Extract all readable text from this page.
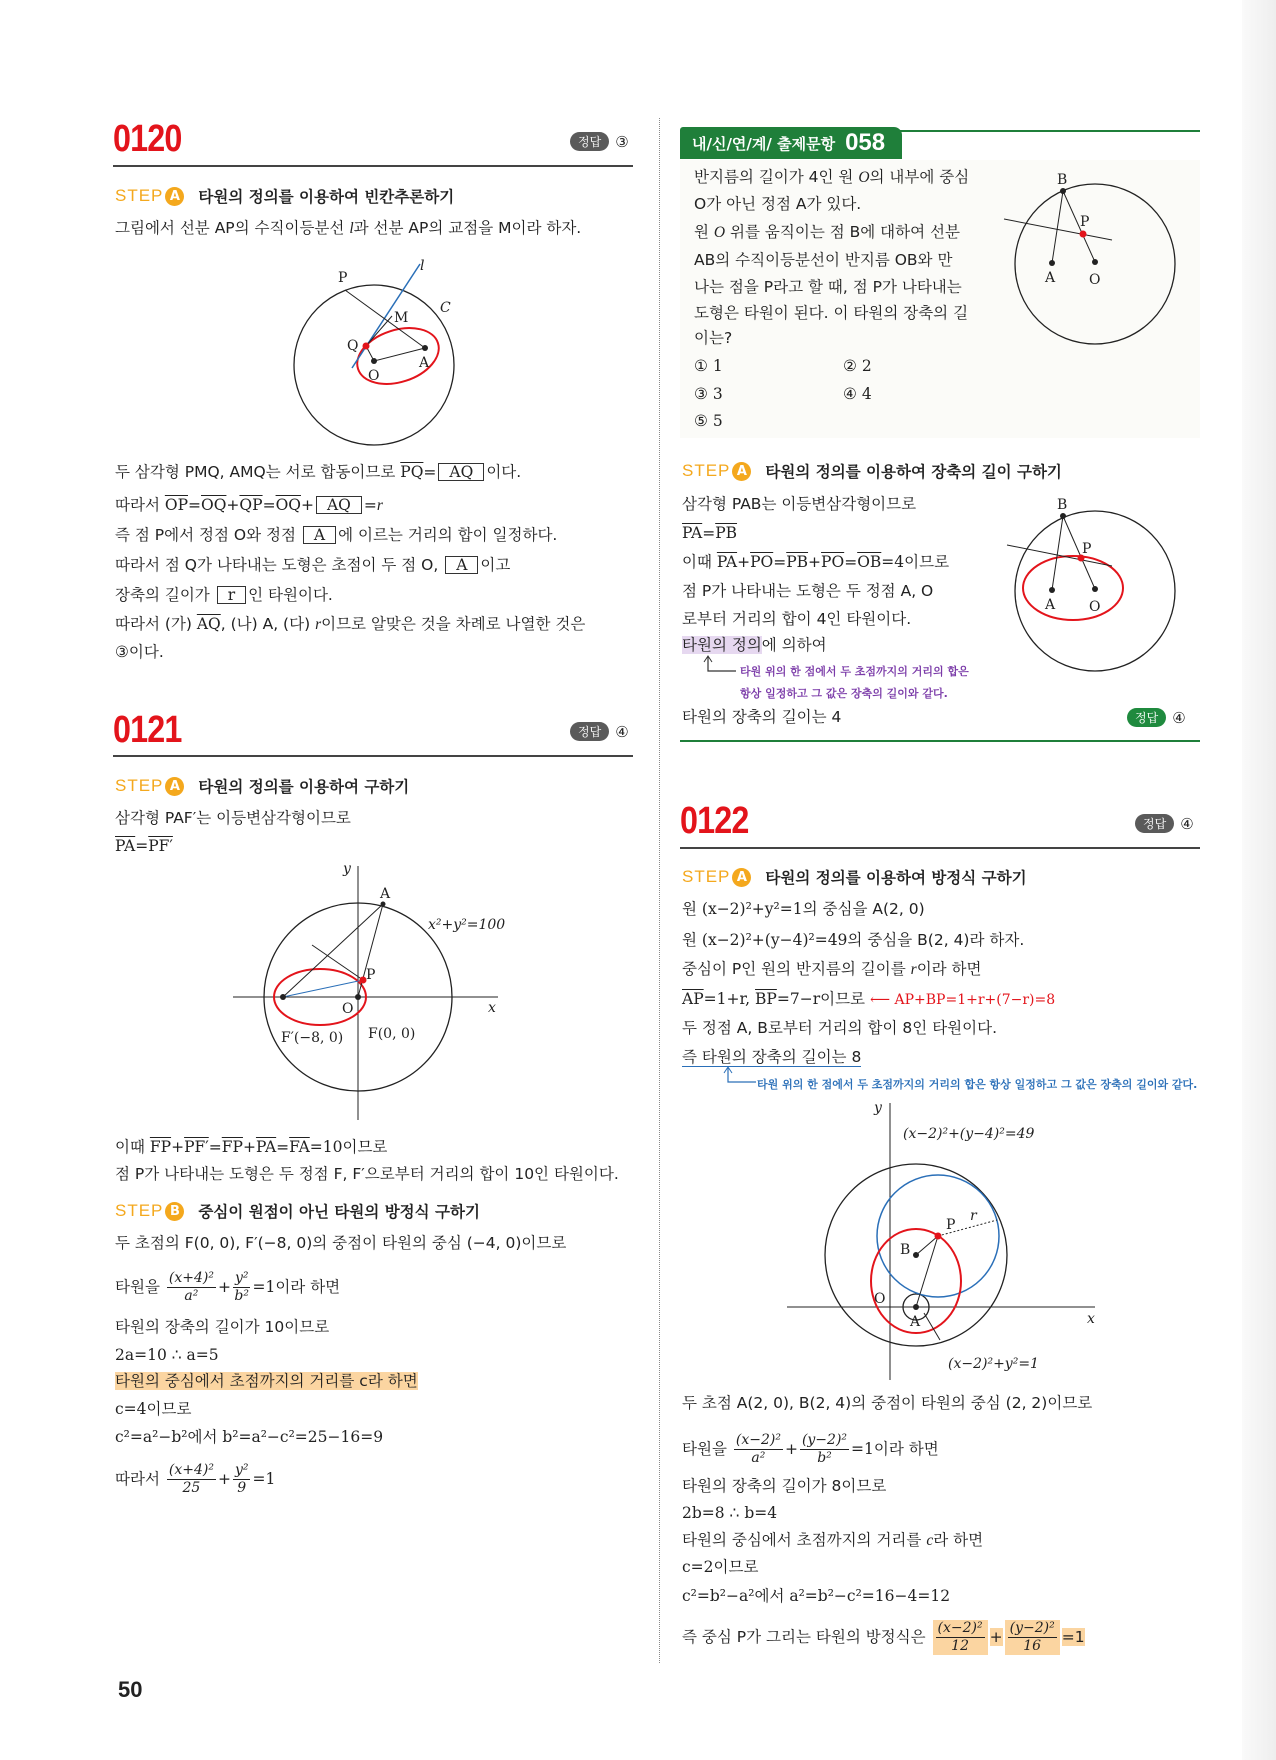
0120	정답 ③
STEP A 타원의 정의를 이용하여 빈칸추론하기
그림에서 선분 AP의 수직이등분선 l과 선분 AP의 교점을 M이라 하자.
P
l
M
C
Q
O
A
두 삼각형 PMQ, AMQ는 서로 합동이므로 $\overline{PQ}=$ AQ 이다.
따라서 $\overline{OP}=\overline{OQ}+\overline{QP}=\overline{OQ}+$ AQ =r
즉 점 P에서 정점 O와 정점 A 에 이르는 거리의 합이 일정하다.
따라서 점 Q가 나타내는 도형은 초점이 두 점 O, A 이고
장축의 길이가 r 인 타원이다.
따라서 (가) $\overline{AQ}$, (나) A, (다) r이므로 알맞은 것을 차례로 나열한 것은
③이다.
0121	정답 ④
STEP A 타원의 정의를 이용하여 구하기
삼각형 PAF′는 이등변삼각형이므로
$\overline{PA}=PF'$
y
A
x²+y²=100
P
O	x
F′(−8, 0) F(0, 0)
이때 $\overline{FP}+PF'=\overline{FP}+\overline{PA}=\overline{FA}=10$이므로
점 P가 나타내는 도형은 두 정점 F, F′으로부터 거리의 합이 10인 타원이다.
STEP B 중심이 원점이 아닌 타원의 방정식 구하기
두 초점의 F(0, 0), F′(−8, 0)의 중점이 타원의 중심 (−4, 0)이므로
타원을 $\frac{\text{(x+4)²}}{\text{a²}} + \frac{\text{y²}}{\text{b²}} =1$이라 하면
타원의 장축의 길이가 10이므로
2a=10 ∴ a=5
타원의 중심에서 초점까지의 거리를 c라 하면
c=4이므로
c²=a²−b²에서 b²=a²−c²=25−16=9
따라서 $\frac{\text{(x+4)²}}{25} + \frac{\text{y²}}{9} =1$
50
내/신/연/계/ 출제문항 058
반지름의 길이가 4인 원 O의 내부에 중심
O가 아닌 정점 A가 있다.
원 O 위를 움직이는 점 B에 대하여 선분
AB의 수직이등분선이 반지름 OB와 만
나는 점을 P라고 할 때, 점 P가 나타내는
도형은 타원이 된다. 이 타원의 장축의 길
이는?
① 1	② 2
③ 3	④ 4
⑤ 5
B
P
A O
STEP A 타원의 정의를 이용하여 장축의 길이 구하기
삼각형 PAB는 이등변삼각형이므로
$\overline{PA}=\overline{PB}$
이때 $\overline{PA}+\overline{PO}=\overline{PB}+\overline{PO}=\overline{OB}=4$이므로
점 P가 나타내는 도형은 두 정점 A, O
로부터 거리의 합이 4인 타원이다.
타원의 정의에 의하여
타원 위의 한 점에서 두 초점까지의 거리의 합은
항상 일정하고 그 값은 장축의 길이와 같다.
타원의 장축의 길이는 4	정답 ④
B
P
A O
0122	정답 ④
STEP A 타원의 정의를 이용하여 방정식 구하기
원 (x−2)²+y²=1의 중심을 A(2, 0)
원 (x−2)²+(y−4)²=49의 중심을 B(2, 4)라 하자.
중심이 P인 원의 반지름의 길이를 r이라 하면
$\overline{AP}=1+r$, $\overline{BP}=7-r$이므로 ⟵ AP+BP=1+r+(7−r)=8
두 정점 A, B로부터 거리의 합이 8인 타원이다.
즉 타원의 장축의 길이는 8
타원 위의 한 점에서 두 초점까지의 거리의 합은 항상 일정하고 그 값은 장축의 길이와 같다.
y
(x−2)²+(y−4)²=49
P
r
B
O
A	x
(x−2)²+y²=1
두 초점 A(2, 0), B(2, 4)의 중점이 타원의 중심 (2, 2)이므로
타원을 $\frac{\text{(x−2)²}}{\text{a²}} + \frac{\text{(y−2)²}}{\text{b²}} =1$이라 하면
타원의 장축의 길이가 8이므로
2b=8 ∴ b=4
타원의 중심에서 초점까지의 거리를 c라 하면
c=2이므로
c²=b²−a²에서 a²=b²−c²=16−4=12
즉 중심 P가 그리는 타원의 방정식은 $\frac{\text{(x−2)²}}{12} + \frac{\text{(y−2)²}}{16} =1$
